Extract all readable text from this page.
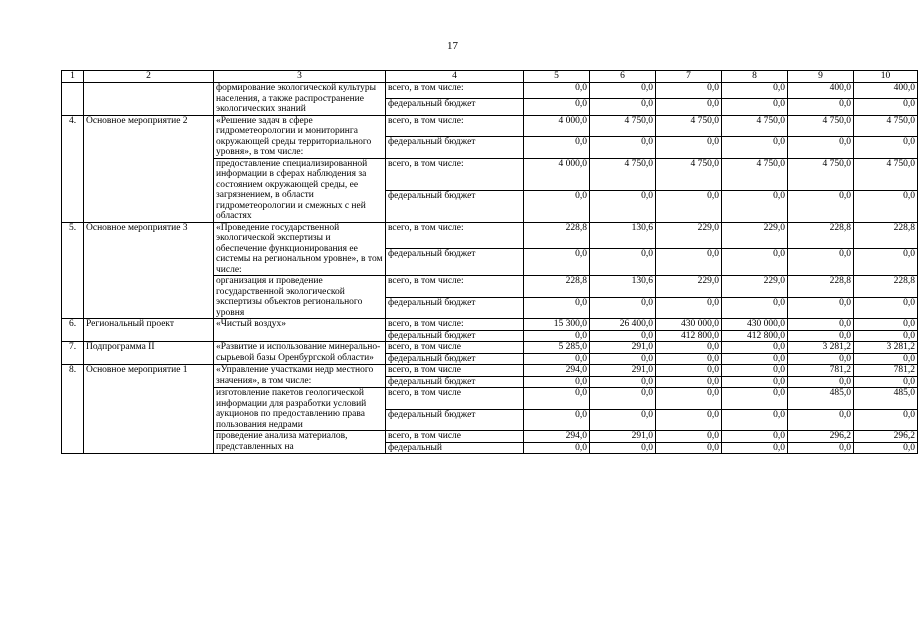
17
1	2	3	4	5	6	7	8	9	10
		формирование экологической культуры населения, а также распространение экологических знаний	всего, в том числе:	0,0	0,0	0,0	0,0	400,0	400,0
			федеральный бюджет	0,0	0,0	0,0	0,0	0,0	0,0
4.	Основное мероприятие 2	«Решение задач в сфере гидрометеорологии и мониторинга окружающей среды территориального уровня», в том числе:	всего, в том числе:	4 000,0	4 750,0	4 750,0	4 750,0	4 750,0	4 750,0
			федеральный бюджет	0,0	0,0	0,0	0,0	0,0	0,0
		предоставление специализированной информации в сферах наблюдения за состоянием окружающей среды, ее загрязнением, в области гидрометеорологии и смежных с ней областях	всего, в том числе:	4 000,0	4 750,0	4 750,0	4 750,0	4 750,0	4 750,0
			федеральный бюджет	0,0	0,0	0,0	0,0	0,0	0,0
5.	Основное мероприятие 3	«Проведение государственной экологической экспертизы и обеспечение функционирования ее системы на региональном уровне», в том числе:	всего, в том числе:	228,8	130,6	229,0	229,0	228,8	228,8
			федеральный бюджет	0,0	0,0	0,0	0,0	0,0	0,0
		организация и проведение государственной экологической экспертизы объектов регионального уровня	всего, в том числе:	228,8	130,6	229,0	229,0	228,8	228,8
			федеральный бюджет	0,0	0,0	0,0	0,0	0,0	0,0
6.	Региональный проект	«Чистый воздух»	всего, в том числе:	15 300,0	26 400,0	430 000,0	430 000,0	0,0	0,0
			федеральный бюджет	0,0	0,0	412 800,0	412 800,0	0,0	0,0
7.	Подпрограмма II	«Развитие и использование минерально-сырьевой базы Оренбургской области»	всего, в том числе	5 285,0	291,0	0,0	0,0	3 281,2	3 281,2
			федеральный бюджет	0,0	0,0	0,0	0,0	0,0	0,0
8.	Основное мероприятие 1	«Управление участками недр местного значения», в том числе:	всего, в том числе	294,0	291,0	0,0	0,0	781,2	781,2
			федеральный бюджет	0,0	0,0	0,0	0,0	0,0	0,0
		изготовление пакетов геологической информации для разработки условий аукционов по предоставлению права пользования недрами	всего, в том числе	0,0	0,0	0,0	0,0	485,0	485,0
			федеральный бюджет	0,0	0,0	0,0	0,0	0,0	0,0
		проведение анализа материалов, представленных на	всего, в том числе	294,0	291,0	0,0	0,0	296,2	296,2
			федеральный	0,0	0,0	0,0	0,0	0,0	0,0
